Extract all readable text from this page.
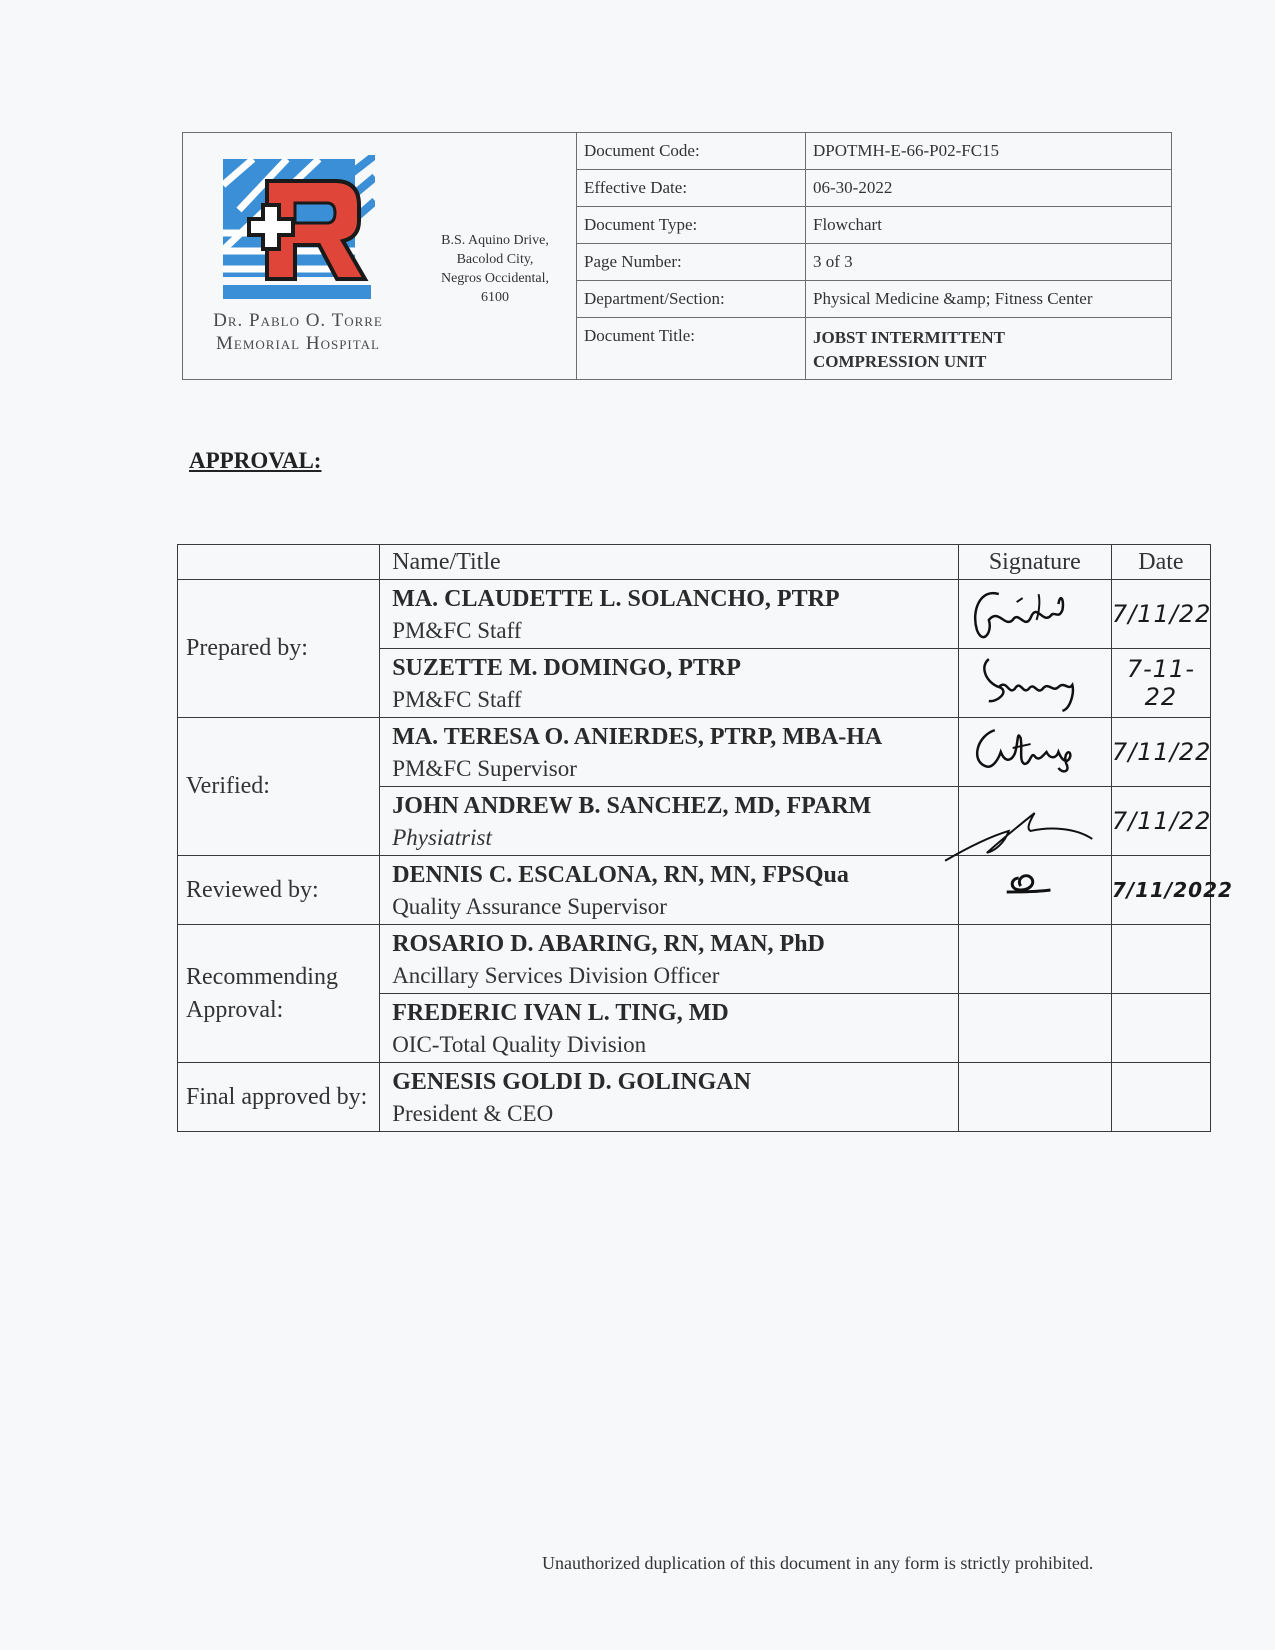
Dr. Pablo O. Torre
Memorial Hospital
B.S. Aquino Drive,
Bacolod City,
Negros Occidental,
6100
Document Code:	DPOTMH-E-66-P02-FC15
Effective Date:	06-30-2022
Document Type:	Flowchart
Page Number:	3 of 3
Department/Section:	Physical Medicine &amp; Fitness Center
Document Title:	JOBST INTERMITTENT
COMPRESSION UNIT
APPROVAL:
	Name/Title	Signature	Date
Prepared by:	MA. CLAUDETTE L. SOLANCHO, PTRP
PM&FC Staff		7/11/22

	SUZETTE M. DOMINGO, PTRP
PM&FC Staff		7-11-22
Verified:	MA. TERESA O. ANIERDES, PTRP, MBA-HA
PM&FC Supervisor		7/11/22

	JOHN ANDREW B. SANCHEZ, MD, FPARM
Physiatrist		7/11/22
Reviewed by:	DENNIS C. ESCALONA, RN, MN, FPSQua
Quality Assurance Supervisor		7/11/2022
Recommending Approval:	ROSARIO D. ABARING, RN, MAN, PhD
Ancillary Services Division Officer		

	FREDERIC IVAN L. TING, MD
OIC-Total Quality Division		

Final approved by:	GENESIS GOLDI D. GOLINGAN
President & CEO		

Unauthorized duplication of this document in any form is strictly prohibited.
